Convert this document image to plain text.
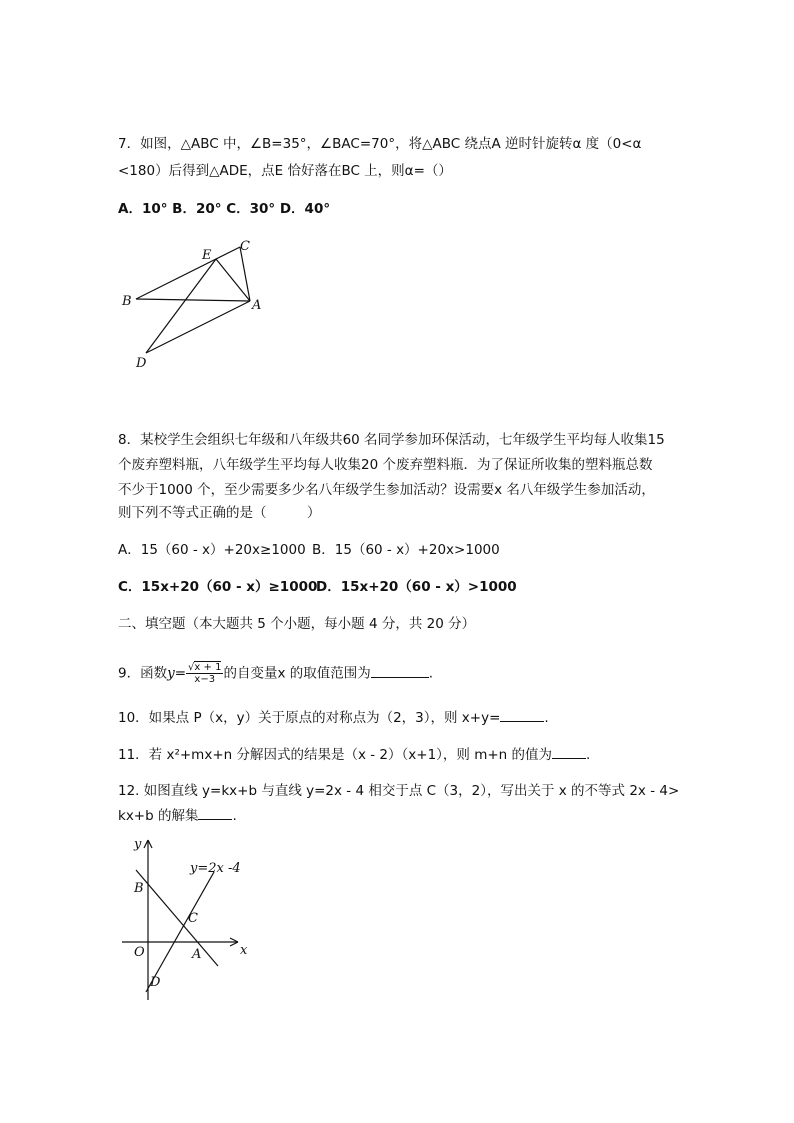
7．如图，△ABC 中，∠B=35°，∠BAC=70°，将△ABC 绕点A 逆时针旋转α 度（0<α
<180）后得到△ADE，点E 恰好落在BC 上，则α=（）
A．10° B．20° C．30° D．40°
E
C
B	A
D
8．某校学生会组织七年级和八年级共60 名同学参加环保活动，七年级学生平均每人收集15
个废弃塑料瓶，八年级学生平均每人收集20 个废弃塑料瓶．为了保证所收集的塑料瓶总数
不少于1000 个，至少需要多少名八年级学生参加活动？设需要x 名八年级学生参加活动，
则下列不等式正确的是（　　　）
A．15（60 - x）+20x≥1000 B．15（60 - x）+20x>1000
C．15x+20（60 - x）≥1000
D．15x+20（60 - x）>1000
二、填空题（本大题共 5 个小题，每小题 4 分，共 20 分）
9．函数$y= \frac{√x + 1}{x-3}$ 的自变量x 的取值范围为	.
10．如果点 P（x，y）关于原点的对称点为（2，3），则 x+y=	.
11．若 x²+mx+n 分解因式的结果是（x - 2）（x+1），则 m+n 的值为	.
12. 如图直线 y=kx+b 与直线 y=2x - 4 相交于点 C（3，2），写出关于 x 的不等式 2x - 4>
kx+b 的解集	.
y
x
O	A
B
C
D
y=2x -4
